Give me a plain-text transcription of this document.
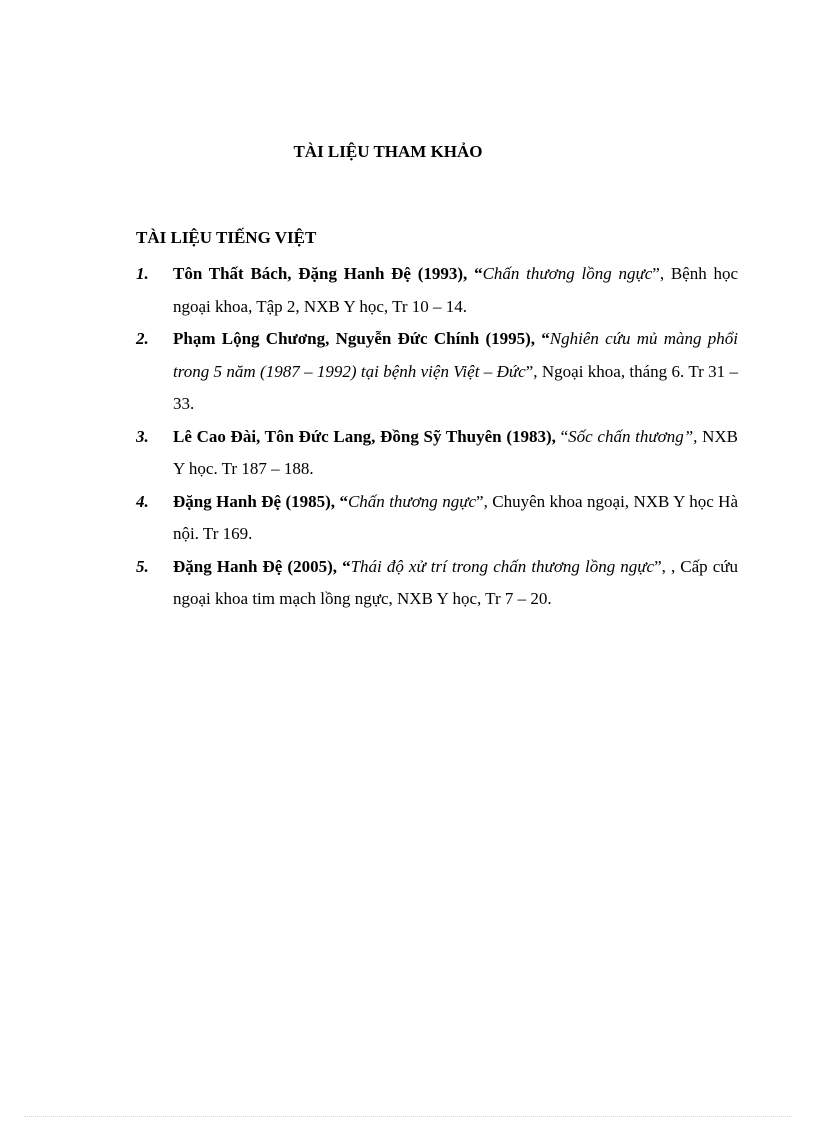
TÀI LIỆU THAM KHẢO
TÀI LIỆU TIẾNG VIỆT
1. Tôn Thất Bách, Đặng Hanh Đệ (1993), “Chấn thương lồng ngực”, Bệnh học ngoại khoa, Tập 2, NXB Y học, Tr 10 – 14.
2. Phạm Lộng Chương, Nguyễn Đức Chính (1995), “Nghiên cứu mủ màng phổi trong 5 năm (1987 – 1992) tại bệnh viện Việt – Đức”, Ngoại khoa, tháng 6. Tr 31 – 33.
3. Lê Cao Đài, Tôn Đức Lang, Đồng Sỹ Thuyên (1983), “Sốc chấn thương”, NXB Y học. Tr 187 – 188.
4. Đặng Hanh Đệ (1985), “Chấn thương ngực”, Chuyên khoa ngoại, NXB Y học Hà nội. Tr 169.
5. Đặng Hanh Đệ (2005), “Thái độ xử trí trong chấn thương lồng ngực”, , Cấp cứu ngoại khoa tim mạch lồng ngực, NXB Y học, Tr 7 – 20.
